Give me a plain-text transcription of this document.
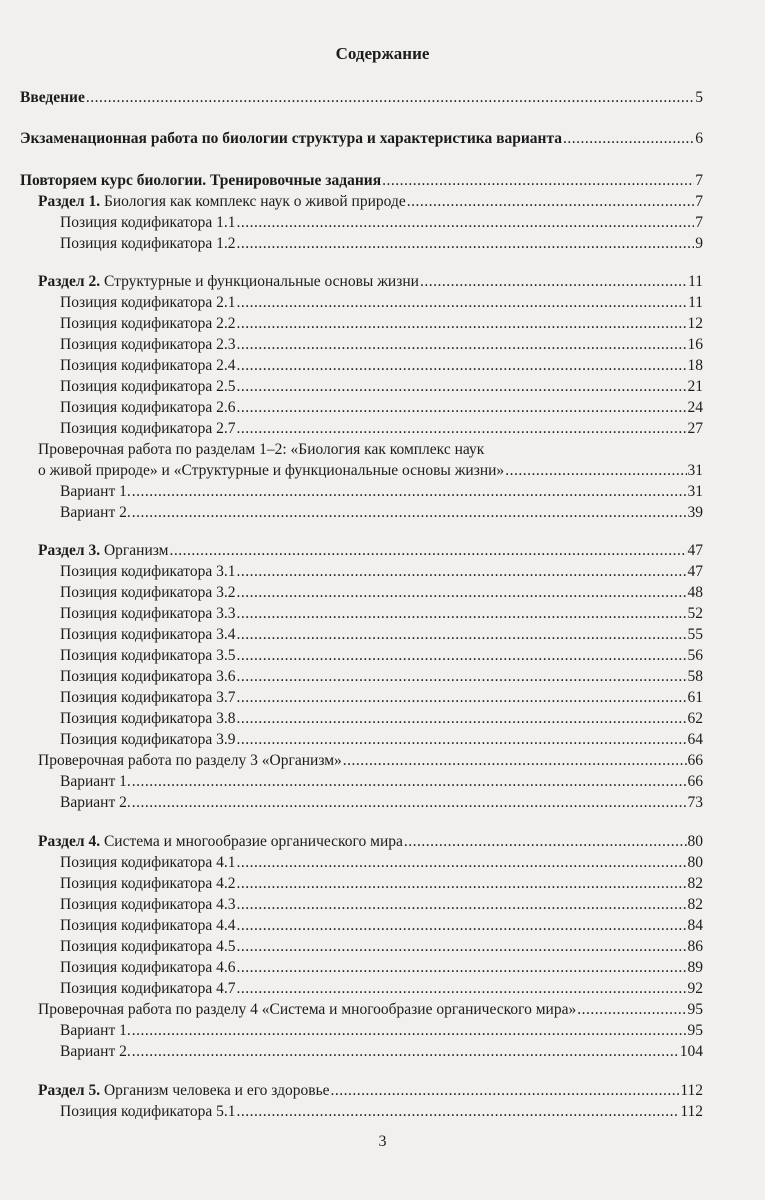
Содержание
Введение .....	5
Экзаменационная работа по биологии структура и характеристика варианта .....	6
Повторяем курс биологии. Тренировочные задания .....	7
Раздел 1. Биология как комплекс наук о живой природе .....	7
Позиция кодификатора 1.1 .....	7
Позиция кодификатора 1.2 .....	9
Раздел 2. Структурные и функциональные основы жизни .....	11
Позиция кодификатора 2.1 .....	11
Позиция кодификатора 2.2 .....	12
Позиция кодификатора 2.3 .....	16
Позиция кодификатора 2.4 .....	18
Позиция кодификатора 2.5 .....	21
Позиция кодификатора 2.6 .....	24
Позиция кодификатора 2.7 .....	27
Проверочная работа по разделам 1–2: «Биология как комплекс наук
о живой природе» и «Структурные и функциональные основы жизни» .....	31
Вариант 1. .....	31
Вариант 2. .....	39
Раздел 3. Организм .....	47
Позиция кодификатора 3.1 .....	47
Позиция кодификатора 3.2 .....	48
Позиция кодификатора 3.3 .....	52
Позиция кодификатора 3.4 .....	55
Позиция кодификатора 3.5 .....	56
Позиция кодификатора 3.6 .....	58
Позиция кодификатора 3.7 .....	61
Позиция кодификатора 3.8 .....	62
Позиция кодификатора 3.9 .....	64
Проверочная работа по разделу 3 «Организм» .....	66
Вариант 1. .....	66
Вариант 2. .....	73
Раздел 4. Система и многообразие органического мира .....	80
Позиция кодификатора 4.1 .....	80
Позиция кодификатора 4.2 .....	82
Позиция кодификатора 4.3 .....	82
Позиция кодификатора 4.4 .....	84
Позиция кодификатора 4.5 .....	86
Позиция кодификатора 4.6 .....	89
Позиция кодификатора 4.7 .....	92
Проверочная работа по разделу 4 «Система и многообразие органического мира» .....	95
Вариант 1. .....	95
Вариант 2. .....	104
Раздел 5. Организм человека и его здоровье .....	112
Позиция кодификатора 5.1 .....	112
3
